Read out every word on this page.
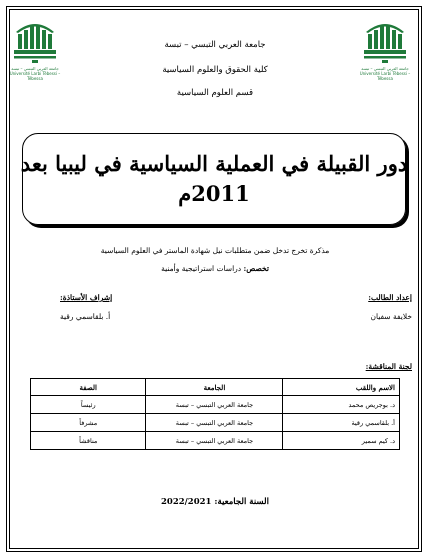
جامعة العربي التبسي – تبسة
Université Larbi Tébessi – Tébessa
جامعة العربي التبسي – تبسة
Université Larbi Tébessi – Tébessa
جامعة العربي التبسي – تبسة
كلية الحقوق والعلوم السياسية
قسم العلوم السياسية
دور القبيلة في العملية السياسية في ليبيا بعد
2011م
مذكرة تخرج تدخل ضمن متطلبات نيل شهادة الماستر في العلوم السياسية
تخصص: دراسات استراتيجية وأمنية
إعداد الطالب:
خلايفة سفيان
إشراف الأستاذة:
أ. بلقاسمي رقية
لجنة المناقشة:
الاسم واللقب	الجامعة	الصفة
د. بوجريص محمد	جامعة العربي التبسي – تبسة	رئيساً
أ. بلقاسمي رقية	جامعة العربي التبسي – تبسة	مشرفاً
د. كيم سمير	جامعة العربي التبسي – تبسة	مناقشاً
السنة الجامعية: 2022/2021
